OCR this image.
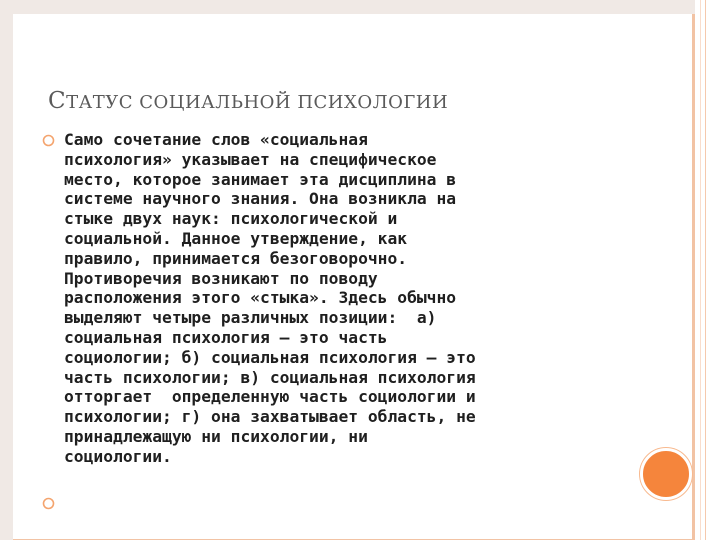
СТАТУС СОЦИАЛЬНОЙ ПСИХОЛОГИИ
Само сочетание слов «социальная
психология» указывает на специфическое
место, которое занимает эта дисциплина в
системе научного знания. Она возникла на
стыке двух наук: психологической и
социальной. Данное утверждение, как
правило, принимается безоговорочно.
Противоречия возникают по поводу
расположения этого «стыка». Здесь обычно
выделяют четыре различных позиции:  а)
социальная психология – это часть
социологии; б) социальная психология – это
часть психологии; в) социальная психология
отторгает  определенную часть социологии и
психологии; г) она захватывает область, не
принадлежащую ни психологии, ни
социологии.
